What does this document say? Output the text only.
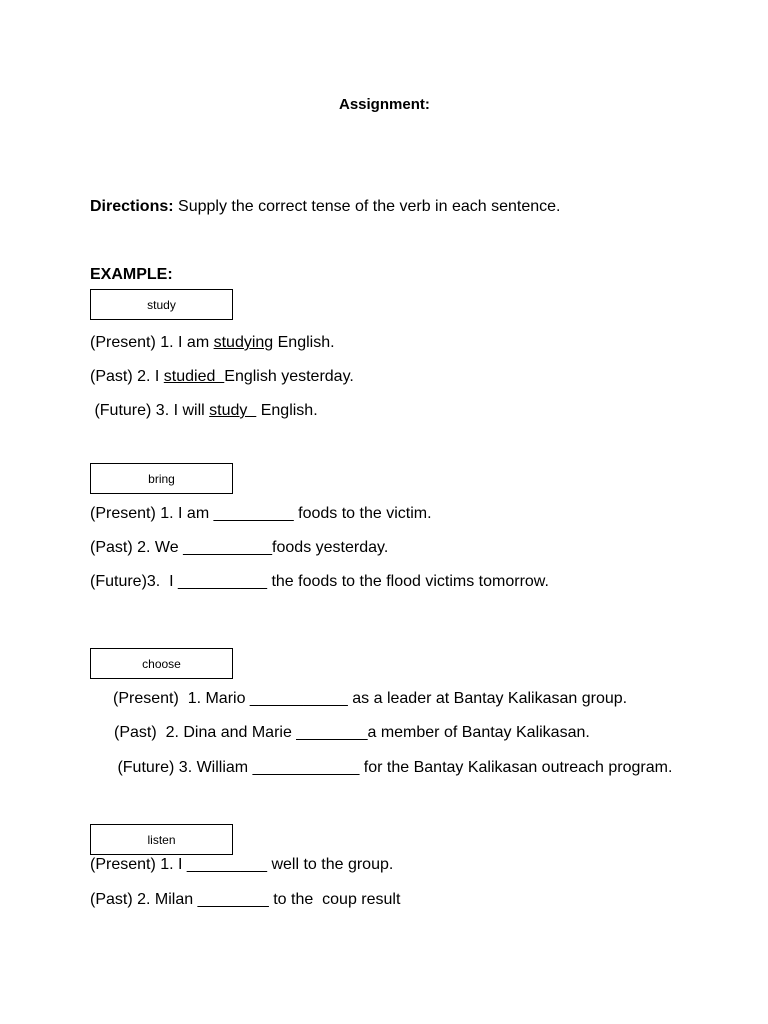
Assignment:
Directions: Supply the correct tense of the verb in each sentence.
EXAMPLE:
study
(Present) 1. I am studying English.
(Past) 2. I studied  English yesterday.
(Future) 3. I will study   English.
bring
(Present) 1. I am _________ foods to the victim.
(Past) 2. We __________foods yesterday.
(Future)3.  I __________ the foods to the flood victims tomorrow.
choose
(Present)  1. Mario ___________ as a leader at Bantay Kalikasan group.
(Past)  2. Dina and Marie ________a member of Bantay Kalikasan.
(Future) 3. William ____________ for the Bantay Kalikasan outreach program.
listen
(Present) 1. I _________ well to the group.
(Past) 2. Milan ________ to the  coup result
